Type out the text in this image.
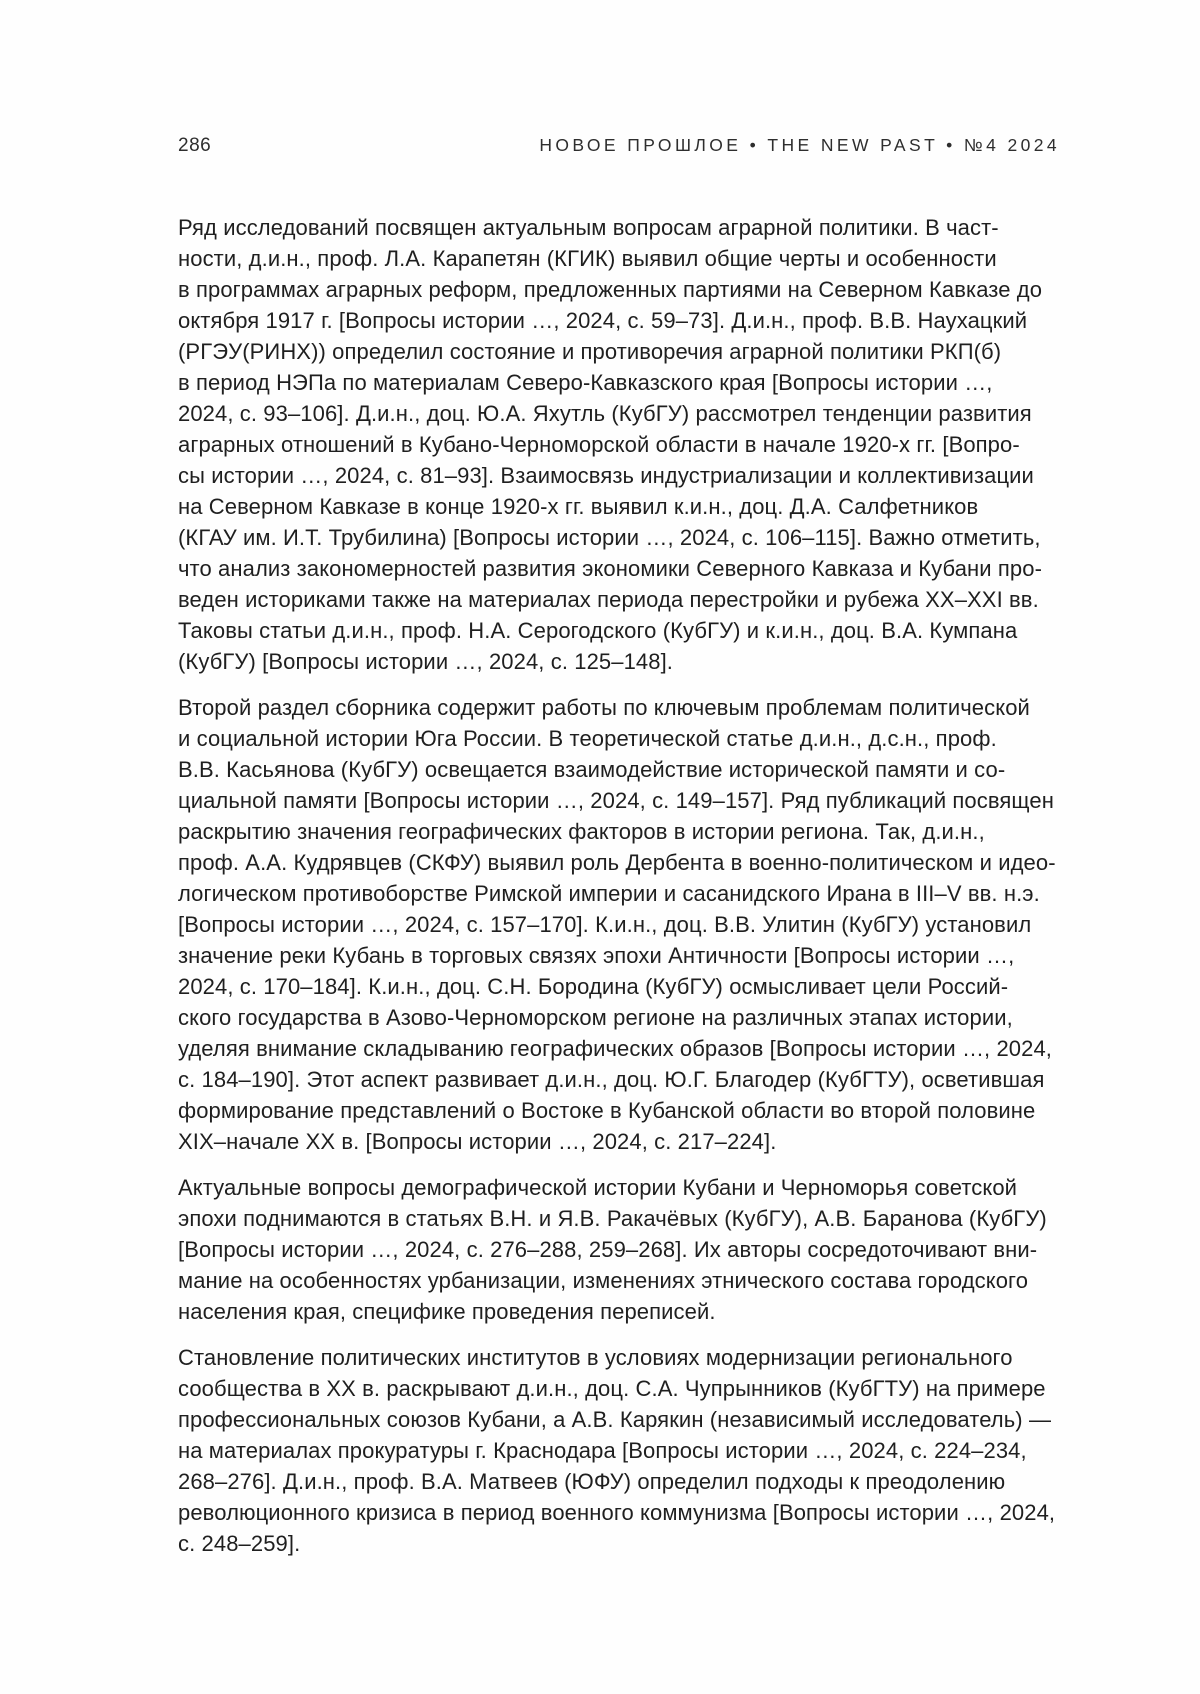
286	НОВОЕ ПРОШЛОЕ • THE NEW PAST • №4 2024

Ряд исследований посвящен актуальным вопросам аграрной политики. В част-
ности, д.и.н., проф. Л.А. Карапетян (КГИК) выявил общие черты и особенности
в программах аграрных реформ, предложенных партиями на Северном Кавказе до
октября 1917 г. [Вопросы истории …, 2024, с. 59–73]. Д.и.н., проф. В.В. Наухацкий
(РГЭУ(РИНХ)) определил состояние и противоречия аграрной политики РКП(б)
в период НЭПа по материалам Северо-Кавказского края [Вопросы истории …,
2024, с. 93–106]. Д.и.н., доц. Ю.А. Яхутль (КубГУ) рассмотрел тенденции развития
аграрных отношений в Кубано-Черноморской области в начале 1920-х гг. [Вопро-
сы истории …, 2024, с. 81–93]. Взаимосвязь индустриализации и коллективизации
на Северном Кавказе в конце 1920-х гг. выявил к.и.н., доц. Д.А. Салфетников
(КГАУ им. И.Т. Трубилина) [Вопросы истории …, 2024, с. 106–115]. Важно отметить,
что анализ закономерностей развития экономики Северного Кавказа и Кубани про-
веден историками также на материалах периода перестройки и рубежа XX–XXI вв.
Таковы статьи д.и.н., проф. Н.А. Серогодского (КубГУ) и к.и.н., доц. В.А. Кумпана
(КубГУ) [Вопросы истории …, 2024, с. 125–148].

Второй раздел сборника содержит работы по ключевым проблемам политической
и социальной истории Юга России. В теоретической статье д.и.н., д.с.н., проф.
В.В. Касьянова (КубГУ) освещается взаимодействие исторической памяти и со-
циальной памяти [Вопросы истории …, 2024, с. 149–157]. Ряд публикаций посвящен
раскрытию значения географических факторов в истории региона. Так, д.и.н.,
проф. А.А. Кудрявцев (СКФУ) выявил роль Дербента в военно-политическом и идео-
логическом противоборстве Римской империи и сасанидского Ирана в III–V вв. н.э.
[Вопросы истории …, 2024, с. 157–170]. К.и.н., доц. В.В. Улитин (КубГУ) установил
значение реки Кубань в торговых связях эпохи Античности [Вопросы истории …,
2024, с. 170–184]. К.и.н., доц. С.Н. Бородина (КубГУ) осмысливает цели Россий-
ского государства в Азово-Черноморском регионе на различных этапах истории,
уделяя внимание складыванию географических образов [Вопросы истории …, 2024,
с. 184–190]. Этот аспект развивает д.и.н., доц. Ю.Г. Благодер (КубГТУ), осветившая
формирование представлений о Востоке в Кубанской области во второй половине
XIX–начале XX в. [Вопросы истории …, 2024, с. 217–224].

Актуальные вопросы демографической истории Кубани и Черноморья советской
эпохи поднимаются в статьях В.Н. и Я.В. Ракачёвых (КубГУ), А.В. Баранова (КубГУ)
[Вопросы истории …, 2024, с. 276–288, 259–268]. Их авторы сосредоточивают вни-
мание на особенностях урбанизации, изменениях этнического состава городского
населения края, специфике проведения переписей.

Становление политических институтов в условиях модернизации регионального
сообщества в XX в. раскрывают д.и.н., доц. С.А. Чупрынников (КубГТУ) на примере
профессиональных союзов Кубани, а А.В. Карякин (независимый исследователь) —
на материалах прокуратуры г. Краснодара [Вопросы истории …, 2024, с. 224–234,
268–276]. Д.и.н., проф. В.А. Матвеев (ЮФУ) определил подходы к преодолению
революционного кризиса в период военного коммунизма [Вопросы истории …, 2024,
с. 248–259].
